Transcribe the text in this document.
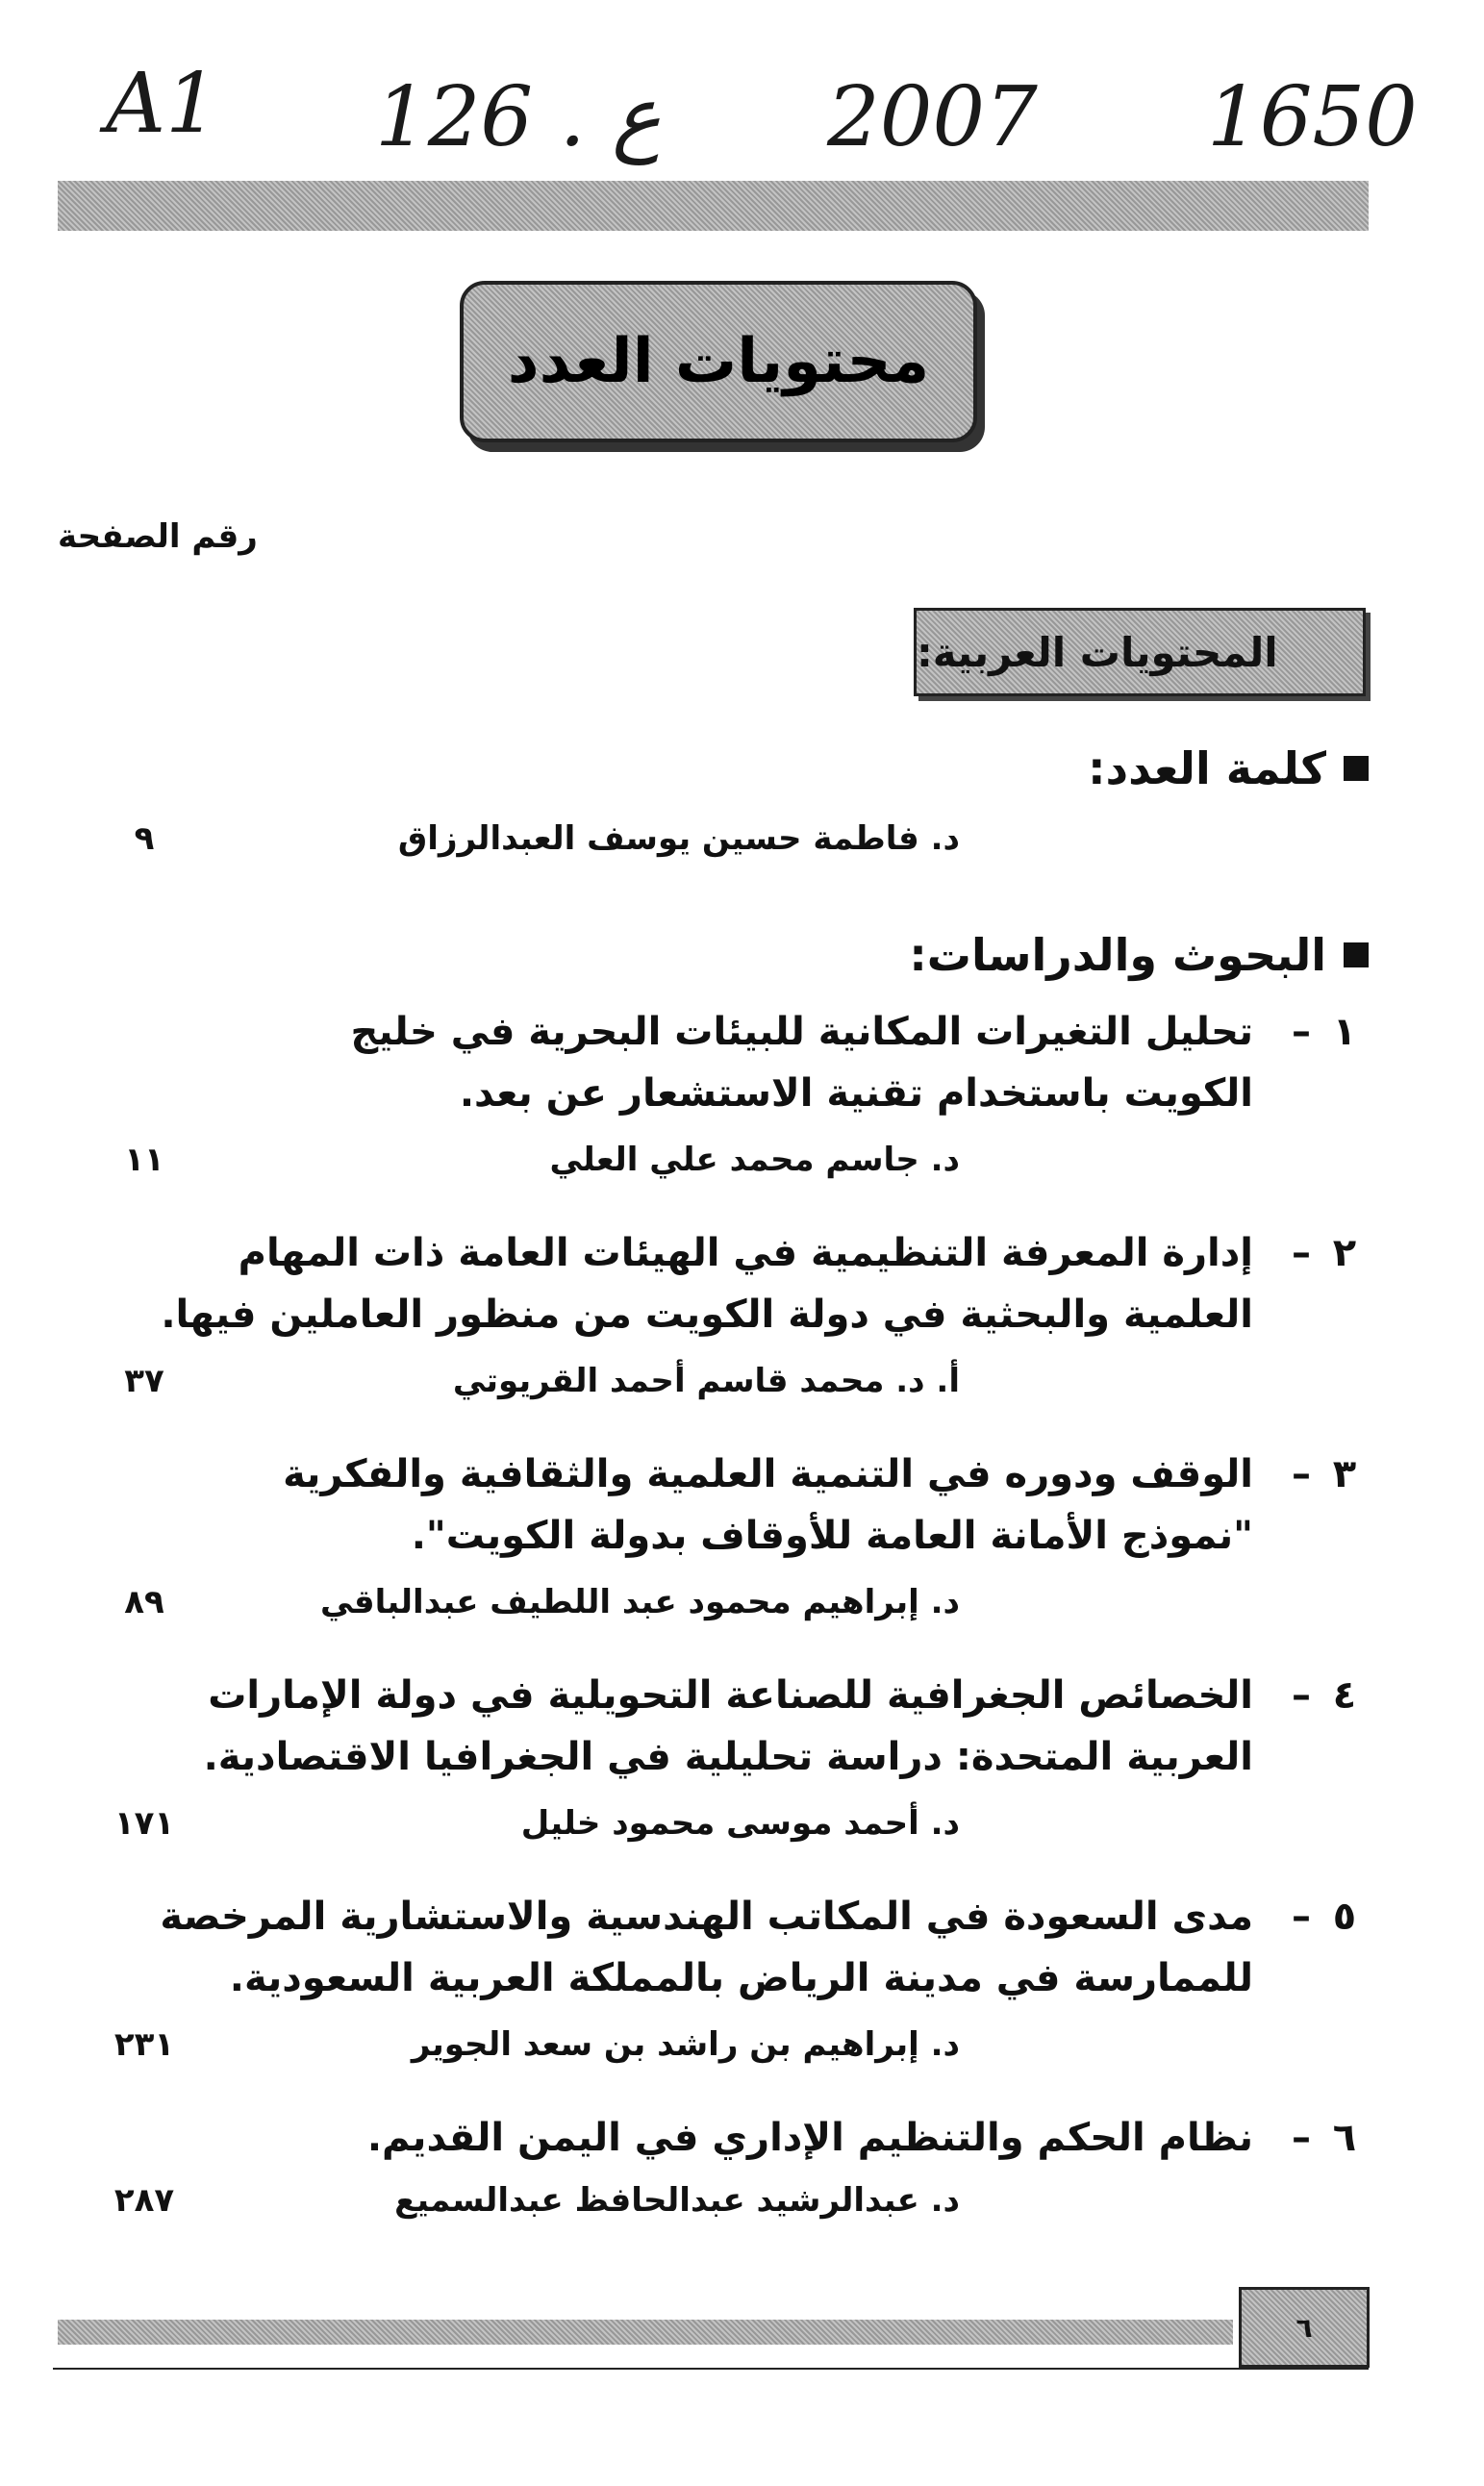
A1 126 . ع 2007 1650
محتويات العدد
رقم الصفحة
المحتويات العربية:
كلمة العدد:
د. فاطمة حسين يوسف العبدالرزاق
٩
البحوث والدراسات:
١
–
تحليل التغيرات المكانية للبيئات البحرية في خليج
الكويت باستخدام تقنية الاستشعار عن بعد.
د. جاسم محمد علي العلي
١١
٢
–
إدارة المعرفة التنظيمية في الهيئات العامة ذات المهام
العلمية والبحثية في دولة الكويت من منظور العاملين فيها.
أ. د. محمد قاسم أحمد القريوتي
٣٧
٣
–
الوقف ودوره في التنمية العلمية والثقافية والفكرية
"نموذج الأمانة العامة للأوقاف بدولة الكويت".
د. إبراهيم محمود عبد اللطيف عبدالباقي
٨٩
٤
–
الخصائص الجغرافية للصناعة التحويلية في دولة الإمارات
العربية المتحدة: دراسة تحليلية في الجغرافيا الاقتصادية.
د. أحمد موسى محمود خليل
١٧١
٥
–
مدى السعودة في المكاتب الهندسية والاستشارية المرخصة
للممارسة في مدينة الرياض بالمملكة العربية السعودية.
د. إبراهيم بن راشد بن سعد الجوير
٢٣١
٦
–
نظام الحكم والتنظيم الإداري في اليمن القديم.
د. عبدالرشيد عبدالحافظ عبدالسميع
٢٨٧
٦
